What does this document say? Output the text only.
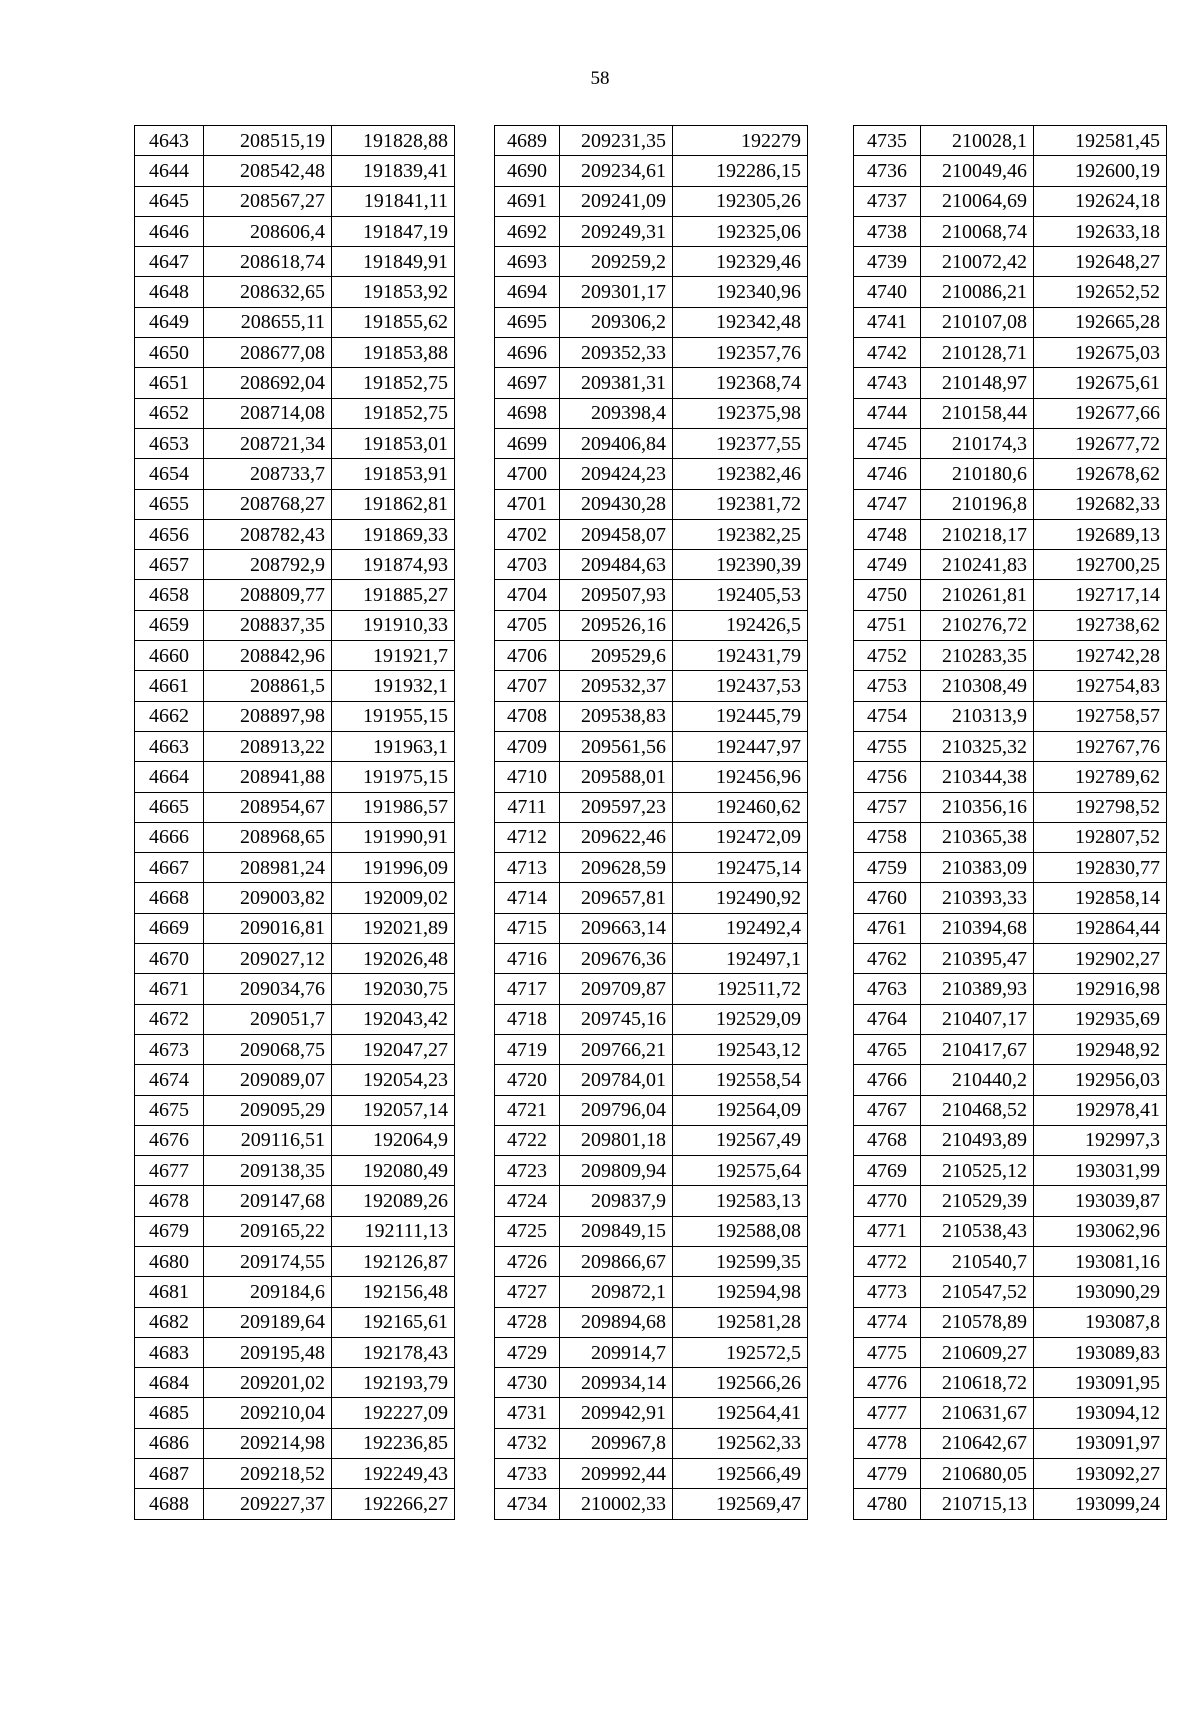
58
4643	208515,19	191828,88
4644	208542,48	191839,41
4645	208567,27	191841,11
4646	208606,4	191847,19
4647	208618,74	191849,91
4648	208632,65	191853,92
4649	208655,11	191855,62
4650	208677,08	191853,88
4651	208692,04	191852,75
4652	208714,08	191852,75
4653	208721,34	191853,01
4654	208733,7	191853,91
4655	208768,27	191862,81
4656	208782,43	191869,33
4657	208792,9	191874,93
4658	208809,77	191885,27
4659	208837,35	191910,33
4660	208842,96	191921,7
4661	208861,5	191932,1
4662	208897,98	191955,15
4663	208913,22	191963,1
4664	208941,88	191975,15
4665	208954,67	191986,57
4666	208968,65	191990,91
4667	208981,24	191996,09
4668	209003,82	192009,02
4669	209016,81	192021,89
4670	209027,12	192026,48
4671	209034,76	192030,75
4672	209051,7	192043,42
4673	209068,75	192047,27
4674	209089,07	192054,23
4675	209095,29	192057,14
4676	209116,51	192064,9
4677	209138,35	192080,49
4678	209147,68	192089,26
4679	209165,22	192111,13
4680	209174,55	192126,87
4681	209184,6	192156,48
4682	209189,64	192165,61
4683	209195,48	192178,43
4684	209201,02	192193,79
4685	209210,04	192227,09
4686	209214,98	192236,85
4687	209218,52	192249,43
4688	209227,37	192266,27
4689	209231,35	192279
4690	209234,61	192286,15
4691	209241,09	192305,26
4692	209249,31	192325,06
4693	209259,2	192329,46
4694	209301,17	192340,96
4695	209306,2	192342,48
4696	209352,33	192357,76
4697	209381,31	192368,74
4698	209398,4	192375,98
4699	209406,84	192377,55
4700	209424,23	192382,46
4701	209430,28	192381,72
4702	209458,07	192382,25
4703	209484,63	192390,39
4704	209507,93	192405,53
4705	209526,16	192426,5
4706	209529,6	192431,79
4707	209532,37	192437,53
4708	209538,83	192445,79
4709	209561,56	192447,97
4710	209588,01	192456,96
4711	209597,23	192460,62
4712	209622,46	192472,09
4713	209628,59	192475,14
4714	209657,81	192490,92
4715	209663,14	192492,4
4716	209676,36	192497,1
4717	209709,87	192511,72
4718	209745,16	192529,09
4719	209766,21	192543,12
4720	209784,01	192558,54
4721	209796,04	192564,09
4722	209801,18	192567,49
4723	209809,94	192575,64
4724	209837,9	192583,13
4725	209849,15	192588,08
4726	209866,67	192599,35
4727	209872,1	192594,98
4728	209894,68	192581,28
4729	209914,7	192572,5
4730	209934,14	192566,26
4731	209942,91	192564,41
4732	209967,8	192562,33
4733	209992,44	192566,49
4734	210002,33	192569,47
4735	210028,1	192581,45
4736	210049,46	192600,19
4737	210064,69	192624,18
4738	210068,74	192633,18
4739	210072,42	192648,27
4740	210086,21	192652,52
4741	210107,08	192665,28
4742	210128,71	192675,03
4743	210148,97	192675,61
4744	210158,44	192677,66
4745	210174,3	192677,72
4746	210180,6	192678,62
4747	210196,8	192682,33
4748	210218,17	192689,13
4749	210241,83	192700,25
4750	210261,81	192717,14
4751	210276,72	192738,62
4752	210283,35	192742,28
4753	210308,49	192754,83
4754	210313,9	192758,57
4755	210325,32	192767,76
4756	210344,38	192789,62
4757	210356,16	192798,52
4758	210365,38	192807,52
4759	210383,09	192830,77
4760	210393,33	192858,14
4761	210394,68	192864,44
4762	210395,47	192902,27
4763	210389,93	192916,98
4764	210407,17	192935,69
4765	210417,67	192948,92
4766	210440,2	192956,03
4767	210468,52	192978,41
4768	210493,89	192997,3
4769	210525,12	193031,99
4770	210529,39	193039,87
4771	210538,43	193062,96
4772	210540,7	193081,16
4773	210547,52	193090,29
4774	210578,89	193087,8
4775	210609,27	193089,83
4776	210618,72	193091,95
4777	210631,67	193094,12
4778	210642,67	193091,97
4779	210680,05	193092,27
4780	210715,13	193099,24
